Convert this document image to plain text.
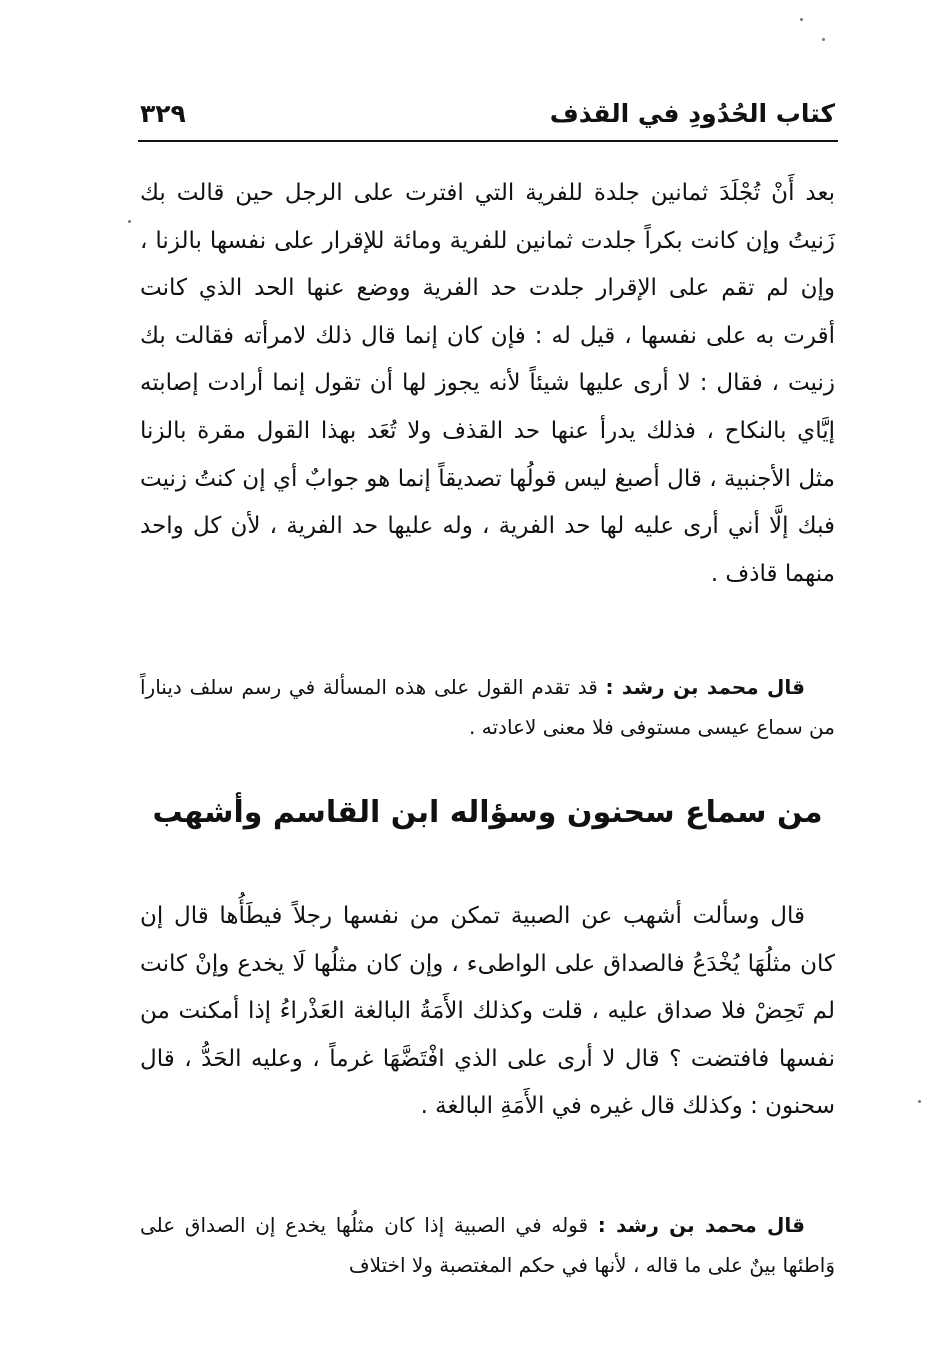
كتاب الحُدُودِ في القذف
٣٢٩
بعد أَنْ تُجْلَدَ ثمانين جلدة للفرية التي افترت على الرجل حين قالت بك زَنيتُ وإن كانت بكراً جلدت ثمانين للفرية ومائة للإقرار على نفسها بالزنا ، وإن لم تقم على الإقرار جلدت حد الفرية ووضع عنها الحد الذي كانت أقرت به على نفسها ، قيل له : فإن كان إنما قال ذلك لامرأته فقالت بك زنيت ، فقال : لا أرى عليها شيئاً لأنه يجوز لها أن تقول إنما أرادت إصابته إيَّاي بالنكاح ، فذلك يدرأ عنها حد القذف ولا تُعَد بهذا القول مقرة بالزنا مثل الأجنبية ، قال أصبغ ليس قولُها تصديقاً إنما هو جوابٌ أي إن كنتُ زنيت فبك إلَّا أني أرى عليه لها حد الفرية ، وله عليها حد الفرية ، لأن كل واحد منهما قاذف .
قال محمد بن رشد : قد تقدم القول على هذه المسألة في رسم سلف ديناراً من سماع عيسى مستوفى فلا معنى لاعادته .
من سماع سحنون وسؤاله ابن القاسم وأشهب
قال وسألت أشهب عن الصبية تمكن من نفسها رجلاً فيطَأُها قال إن كان مثلُهَا يُخْدَعُ فالصداق على الواطىء ، وإن كان مثلُها لَا يخدع وإنْ كانت لم تَحِضْ فلا صداق عليه ، قلت وكذلك الأَمَةُ البالغة العَذْراءُ إذا أمكنت من نفسها فافتضت ؟ قال لا أرى على الذي افْتَضَّهَا غرماً ، وعليه الحَدُّ ، قال سحنون : وكذلك قال غيره في الأَمَةِ البالغة .
قال محمد بن رشد : قوله في الصبية إذا كان مثلُها يخدع إن الصداق على وَاطئها بينٌ على ما قاله ، لأنها في حكم المغتصبة ولا اختلاف
